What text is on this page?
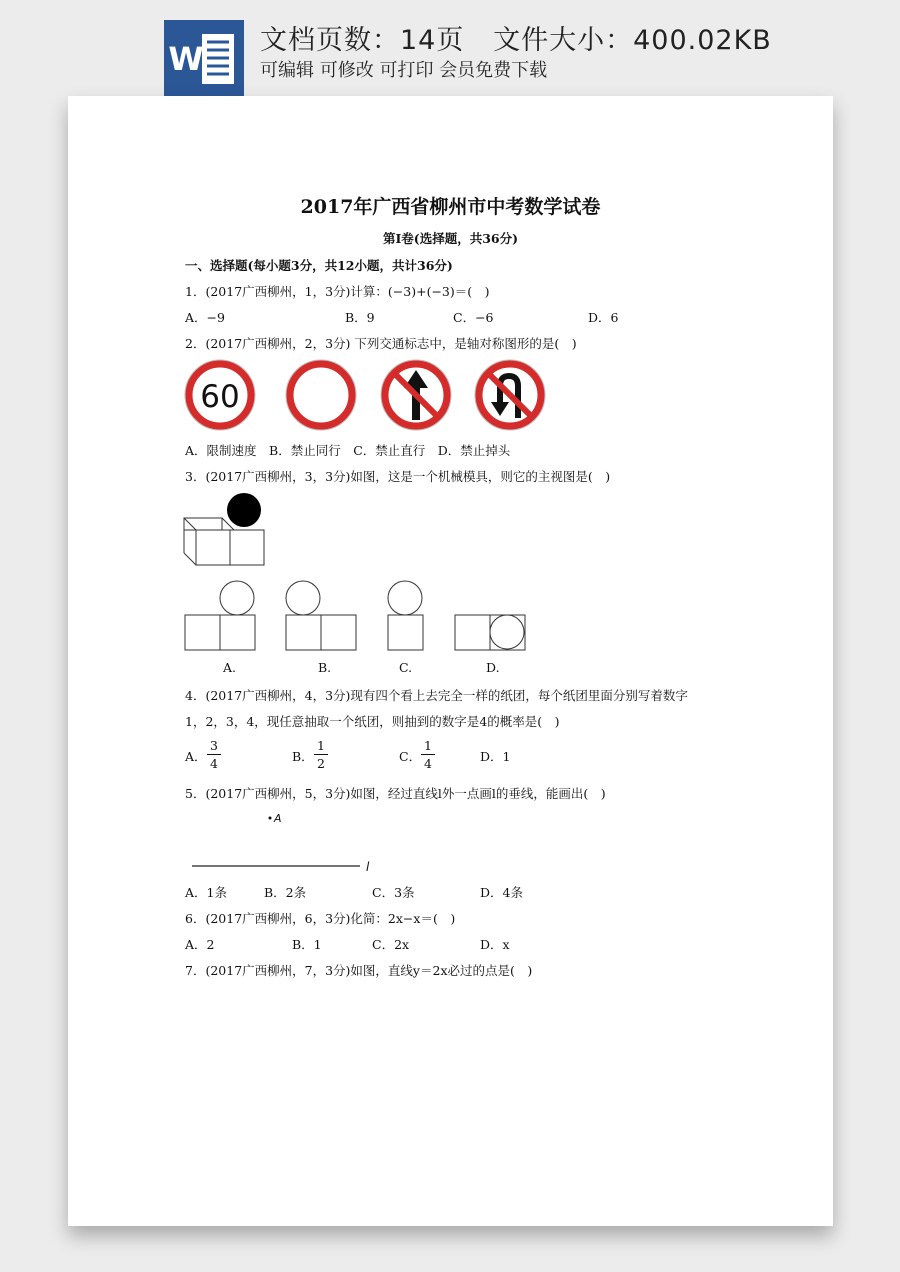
W 文档页数：14页 文件大小：400.02KB
可编辑 可修改 可打印 会员免费下载
2017年广西省柳州市中考数学试卷
第Ⅰ卷(选择题，共36分)
一、选择题(每小题3分，共12小题，共计36分)
1．(2017广西柳州，1，3分)计算：(−3)+(−3)＝(　)
A．−9	B．9	C．−6	D．6
2．(2017广西柳州，2，3分) 下列交通标志中，是轴对称图形的是(　)
60
A．限制速度　B．禁止同行　C．禁止直行　D．禁止掉头
3．(2017广西柳州，3，3分)如图，这是一个机械模具，则它的主视图是(　)
A.	B.	C.	D.
4．(2017广西柳州，4，3分)现有四个看上去完全一样的纸团，每个纸团里面分别写着数字
1，2，3，4，现任意抽取一个纸团，则抽到的数字是4的概率是(　)
A．
3
4	B．
1
2	C．
1
4	D．1
5．(2017广西柳州，5，3分)如图，经过直线l外一点画l的垂线，能画出(　)
A
l
A．1条	B．2条	C．3条	D．4条
6．(2017广西柳州，6，3分)化简：2x−x＝(　)
A．2	B．1	C．2x	D．x
7．(2017广西柳州，7，3分)如图，直线y＝2x必过的点是(　)
